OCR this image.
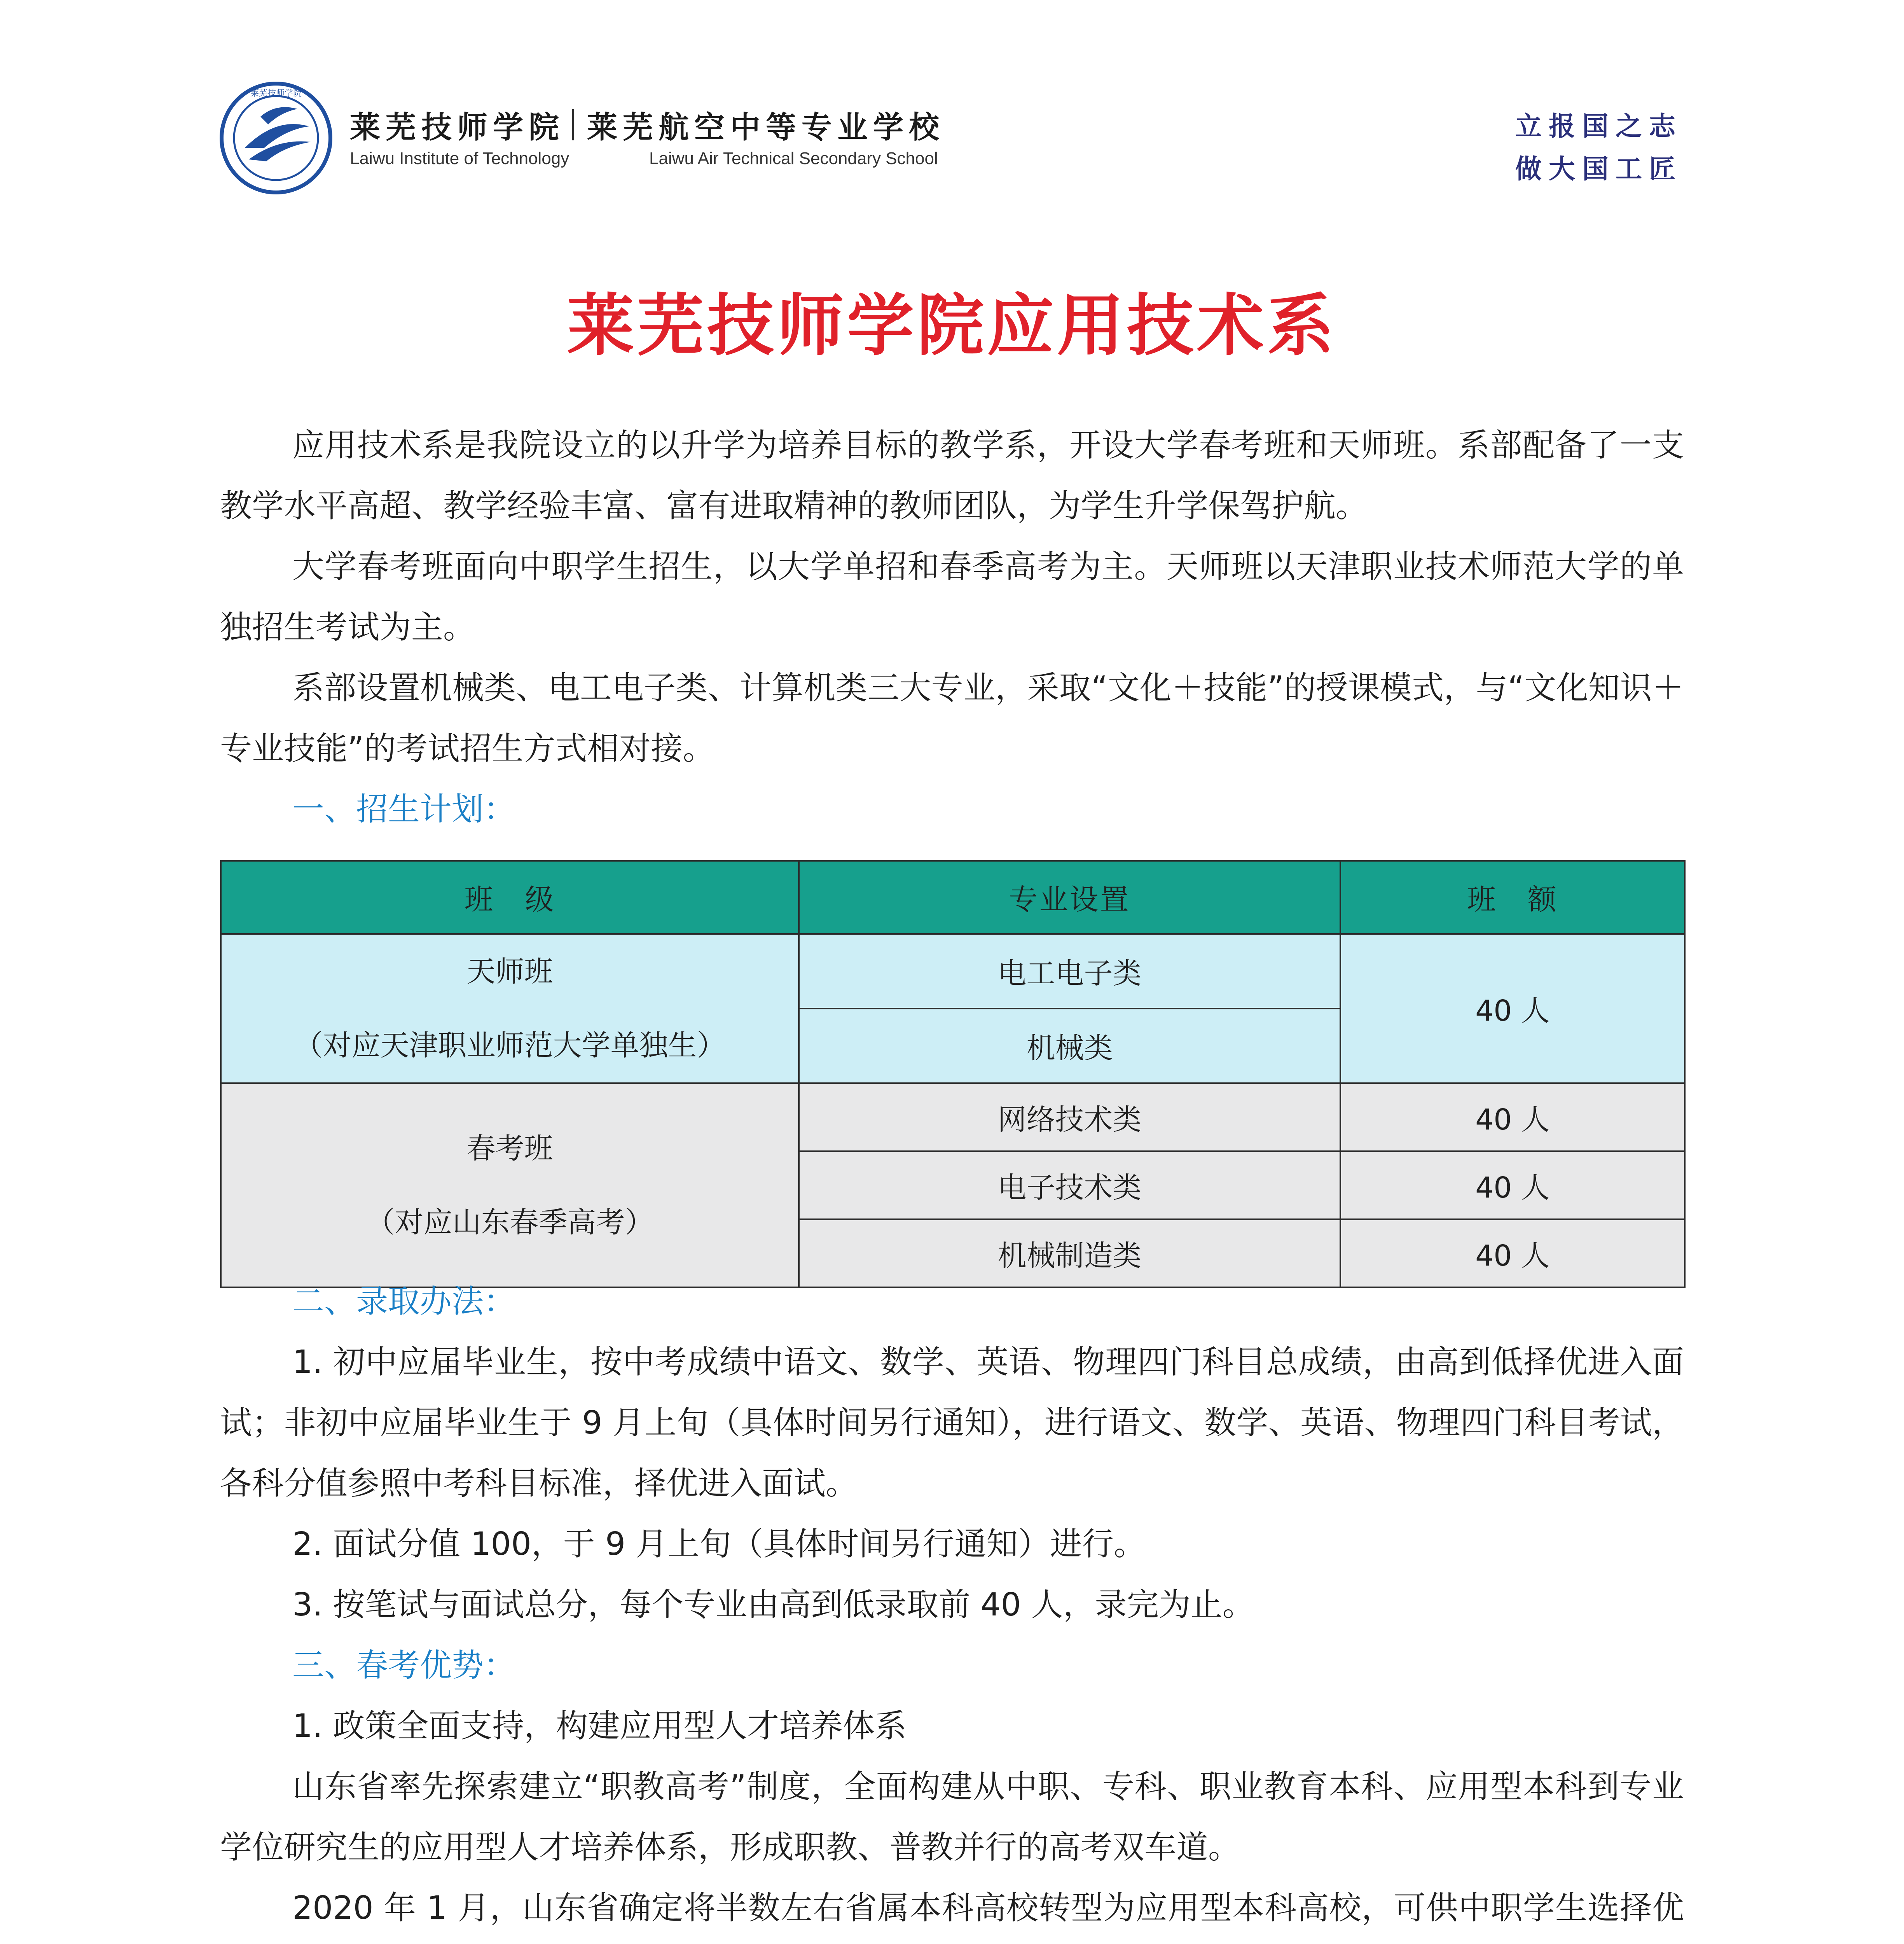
莱芜技师学院
莱芜技师学院 莱芜航空中等专业学校
Laiwu Institute of Technology	Laiwu Air Technical Secondary School
立报国之志
做大国工匠
莱芜技师学院应用技术系

应用技术系是我院设立的以升学为培养目标的教学系，开设大学春考班和天师班。系部配备了一支教学水平高超、教学经验丰富、富有进取精神的教师团队，为学生升学保驾护航。

大学春考班面向中职学生招生，以大学单招和春季高考为主。天师班以天津职业技术师范大学的单独招生考试为主。

系部设置机械类、电工电子类、计算机类三大专业，采取“文化＋技能”的授课模式，与“文化知识＋专业技能”的考试招生方式相对接。

一、招生计划：

班　级	专业设置	班　额

天师班
（对应天津职业师范大学单独生）	电工电子类	40 人
	机械类	

春考班
（对应山东春季高考）	网络技术类	40 人
	电子技术类	40 人
	机械制造类	40 人

二、录取办法：

1. 初中应届毕业生，按中考成绩中语文、数学、英语、物理四门科目总成绩，由高到低择优进入面试；非初中应届毕业生于 9 月上旬（具体时间另行通知），进行语文、数学、英语、物理四门科目考试，各科分值参照中考科目标准，择优进入面试。

2. 面试分值 100，于 9 月上旬（具体时间另行通知）进行。

3. 按笔试与面试总分，每个专业由高到低录取前 40 人，录完为止。

三、春考优势：

1. 政策全面支持，构建应用型人才培养体系

山东省率先探索建立“职教高考”制度，全面构建从中职、专科、职业教育本科、应用型本科到专业学位研究生的应用型人才培养体系，形成职教、普教并行的高考双车道。

2020 年 1 月，山东省确定将半数左右省属本科高校转型为应用型本科高校，可供中职学生选择优
